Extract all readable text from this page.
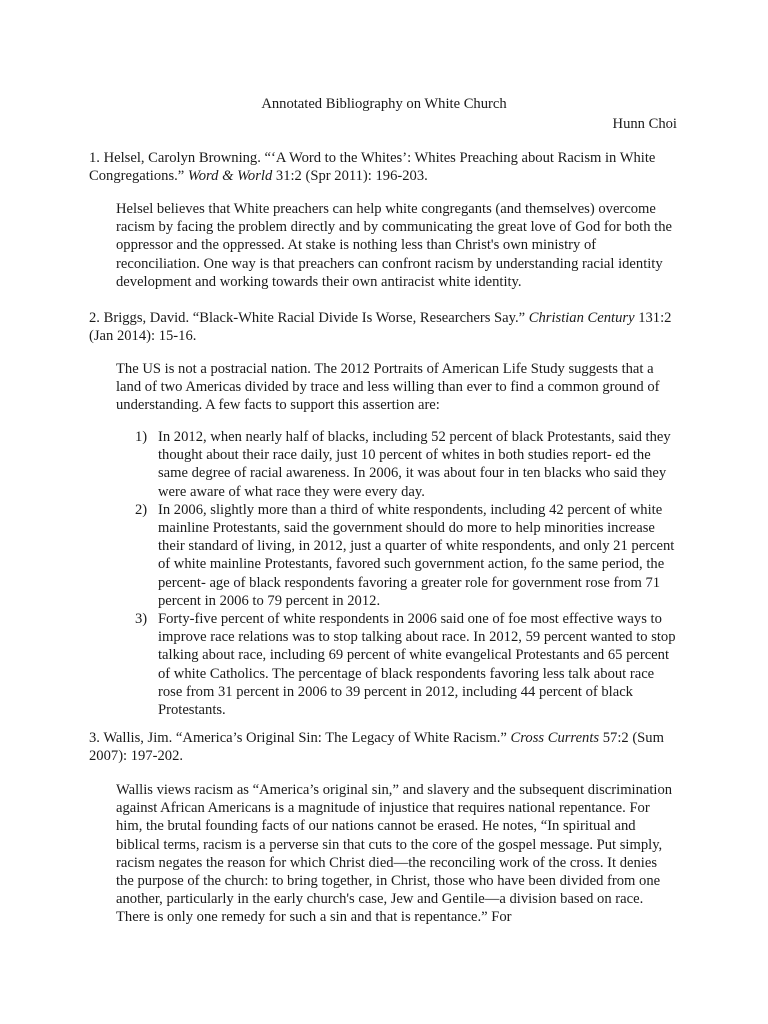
Annotated Bibliography on White Church

Hunn Choi

1. Helsel, Carolyn Browning. “‘A Word to the Whites’: Whites Preaching about Racism in White Congregations.” Word & World 31:2 (Spr 2011): 196-203.

Helsel believes that White preachers can help white congregants (and themselves) overcome racism by facing the problem directly and by communicating the great love of God for both the oppressor and the oppressed. At stake is nothing less than Christ's own ministry of reconciliation. One way is that preachers can confront racism by understanding racial identity development and working towards their own antiracist white identity.

2. Briggs, David. “Black-White Racial Divide Is Worse, Researchers Say.” Christian Century 131:2 (Jan 2014): 15-16.

The US is not a postracial nation. The 2012 Portraits of American Life Study suggests that a land of two Americas divided by trace and less willing than ever to find a common ground of understanding. A few facts to support this assertion are:

1) In 2012, when nearly half of blacks, including 52 percent of black Protestants, said they thought about their race daily, just 10 percent of whites in both studies report- ed the same degree of racial awareness. In 2006, it was about four in ten blacks who said they were aware of what race they were every day.
2) In 2006, slightly more than a third of white respondents, including 42 percent of white mainline Protestants, said the government should do more to help minorities increase their standard of living, in 2012, just a quarter of white respondents, and only 21 percent of white mainline Protestants, favored such government action, fo the same period, the percent- age of black respondents favoring a greater role for government rose from 71 percent in 2006 to 79 percent in 2012.
3) Forty-five percent of white respondents in 2006 said one of foe most effective ways to improve race relations was to stop talking about race. In 2012, 59 percent wanted to stop talking about race, including 69 percent of white evangelical Protestants and 65 percent of white Catholics. The percentage of black respondents favoring less talk about race rose from 31 percent in 2006 to 39 percent in 2012, including 44 percent of black Protestants.

3. Wallis, Jim. “America’s Original Sin: The Legacy of White Racism.” Cross Currents 57:2 (Sum 2007): 197-202.

Wallis views racism as “America’s original sin,” and slavery and the subsequent discrimination against African Americans is a magnitude of injustice that requires national repentance. For him, the brutal founding facts of our nations cannot be erased. He notes, “In spiritual and biblical terms, racism is a perverse sin that cuts to the core of the gospel message. Put simply, racism negates the reason for which Christ died—the reconciling work of the cross. It denies the purpose of the church: to bring together, in Christ, those who have been divided from one another, particularly in the early church's case, Jew and Gentile—a division based on race. There is only one remedy for such a sin and that is repentance.” For
